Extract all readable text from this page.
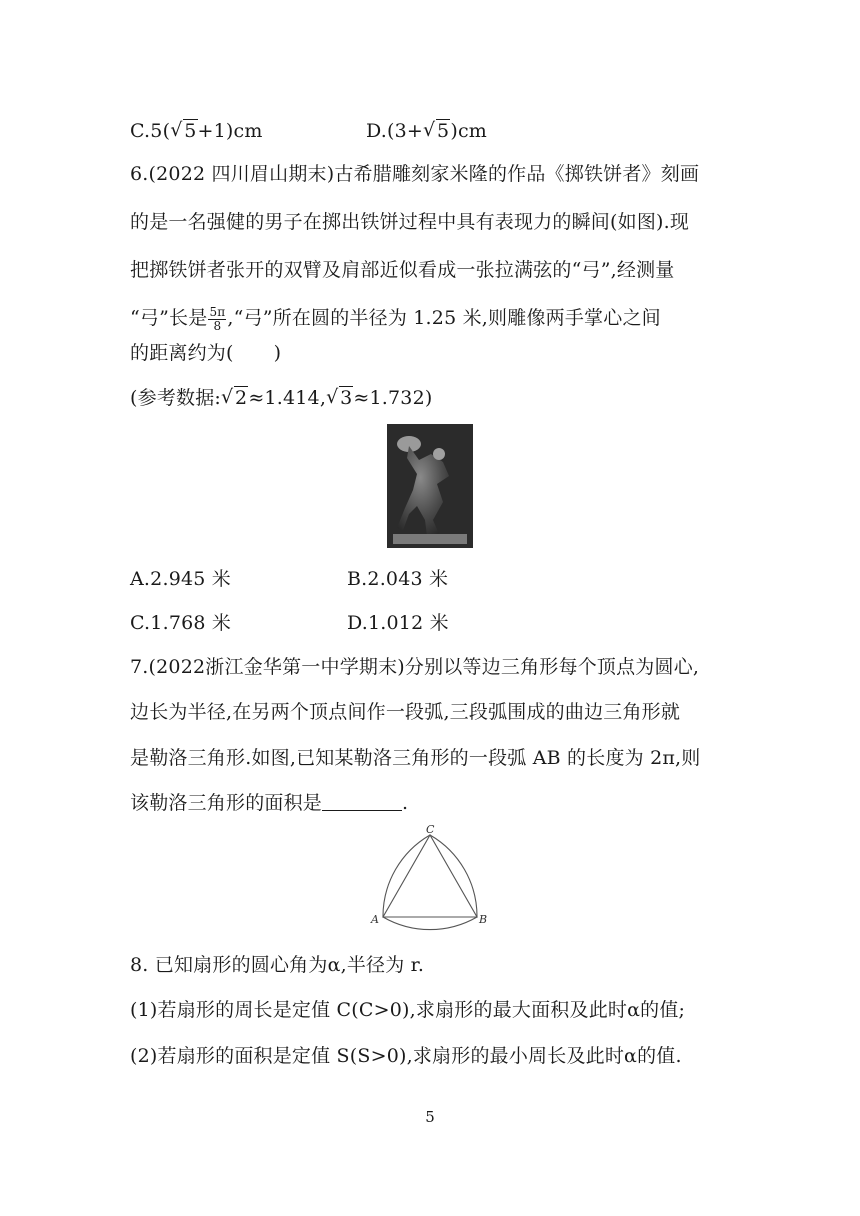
C.5( √ 5+1)cm	D.(3+ √ 5)cm
6.(2022 四川眉山期末)古希腊雕刻家米隆的作品《掷铁饼者》刻画
的是一名强健的男子在掷出铁饼过程中具有表现力的瞬间(如图).现
把掷铁饼者张开的双臂及肩部近似看成一张拉满弦的“弓”,经测量
“弓”长是 $\frac{5\pi}{8}$ ,“弓”所在圆的半径为 1.25 米,则雕像两手掌心之间
的距离约为( )
(参考数据: √ 2≈1.414, √ 3≈1.732)
A.2.945 米	B.2.043 米
C.1.768 米	D.1.012 米
7.(2022浙江金华第一中学期末)分别以等边三角形每个顶点为圆心,
边长为半径,在另两个顶点间作一段弧,三段弧围成的曲边三角形就
是勒洛三角形.如图,已知某勒洛三角形的一段弧 AB 的长度为 2π,则
该勒洛三角形的面积是	.
A	B
C
8. 已知扇形的圆心角为α,半径为 r.
(1)若扇形的周长是定值 C(C>0),求扇形的最大面积及此时α的值;
(2)若扇形的面积是定值 S(S>0),求扇形的最小周长及此时α的值.
5
